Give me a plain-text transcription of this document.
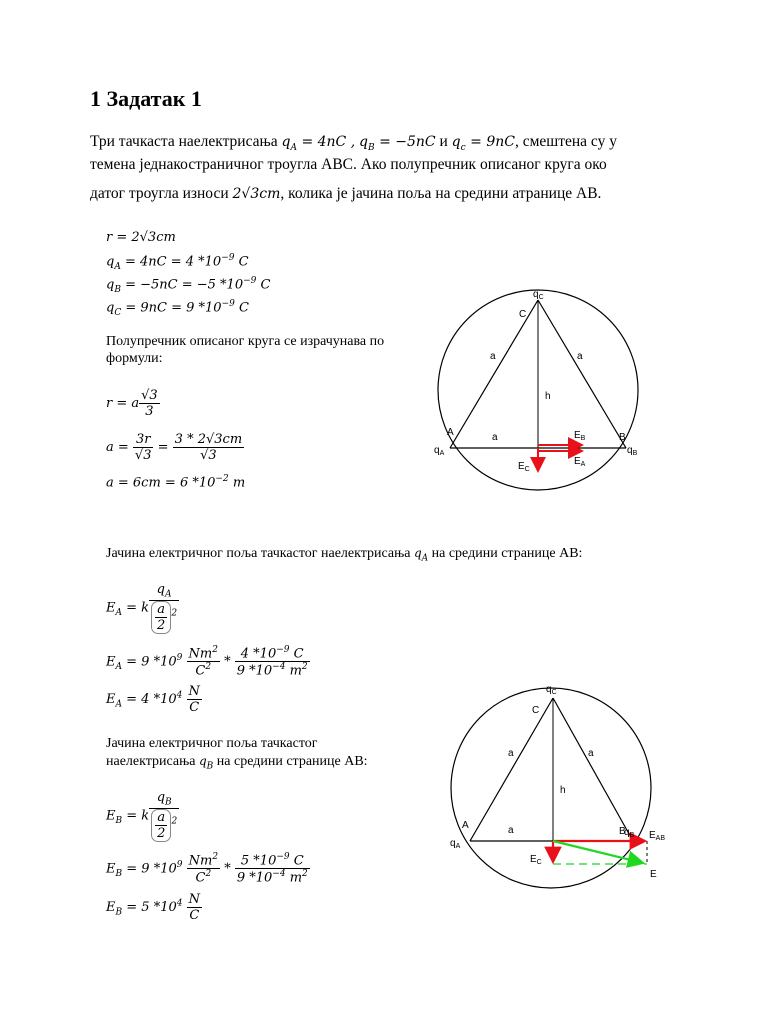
1 Задатак 1
Три тачкаста наелектрисања $q_A = 4nC$ , $q_B = -5nC$ и $q_c = 9nC$, смештена су у
темена једнакостраничног троугла ABC. Ако полупречник описаног круга око
датог троугла износи 2√3cm, колика је јачина поља на средини атранице AB.
r = 2√3cm
$q_A = 4nC = 4$ $*10^{-9}$ C
$q_B = -5nC = -5$ $*10^{-9}$ C
$q_C = 9nC = 9$ $*10^{-9}$ C
Полупречник описаног круга се израчунава по
формули:
r = a $\frac{√3}{3}$
$a = \frac{3r}{√3} = \frac{3 * 2√3cm}{√3}$
a = 6cm = 6 $*10^{-2}$ m
Јачина електричног поља тачкастог наелектрисања $q_A$ на средини странице AB:
$E_A = k \frac{q_A}{\frac{a}{2} ^2}$
$E_A = 9$ $*10^9 \frac{Nm^2}{C^2} * \frac{4 *10^{-9} C}{9 *10^{-4} m^2}$
$E_A = 4$ $*10^4 \frac{N}{C}$
Јачина електричног поља тачкастог
наелектрисања $q_B$ на средини странице AB:
$E_B = k \frac{q_B}{\frac{a}{2} ^2}$
$E_B = 9$ $*10^9 \frac{Nm^2}{C^2} * \frac{5 *10^{-9} C}{9 *10^{-4} m^2}$
$E_B = 5$ $*10^4 \frac{N}{C}$
$q_C$
C
a	a
h
A	a	B
$q_A$	$q_B$
$E_B$
$E_A$
$E_C$
$q_C$
C
a	a
h
A	a	B
$q_A$
$q_B$ $E_{AB}$
$E_C$
E
